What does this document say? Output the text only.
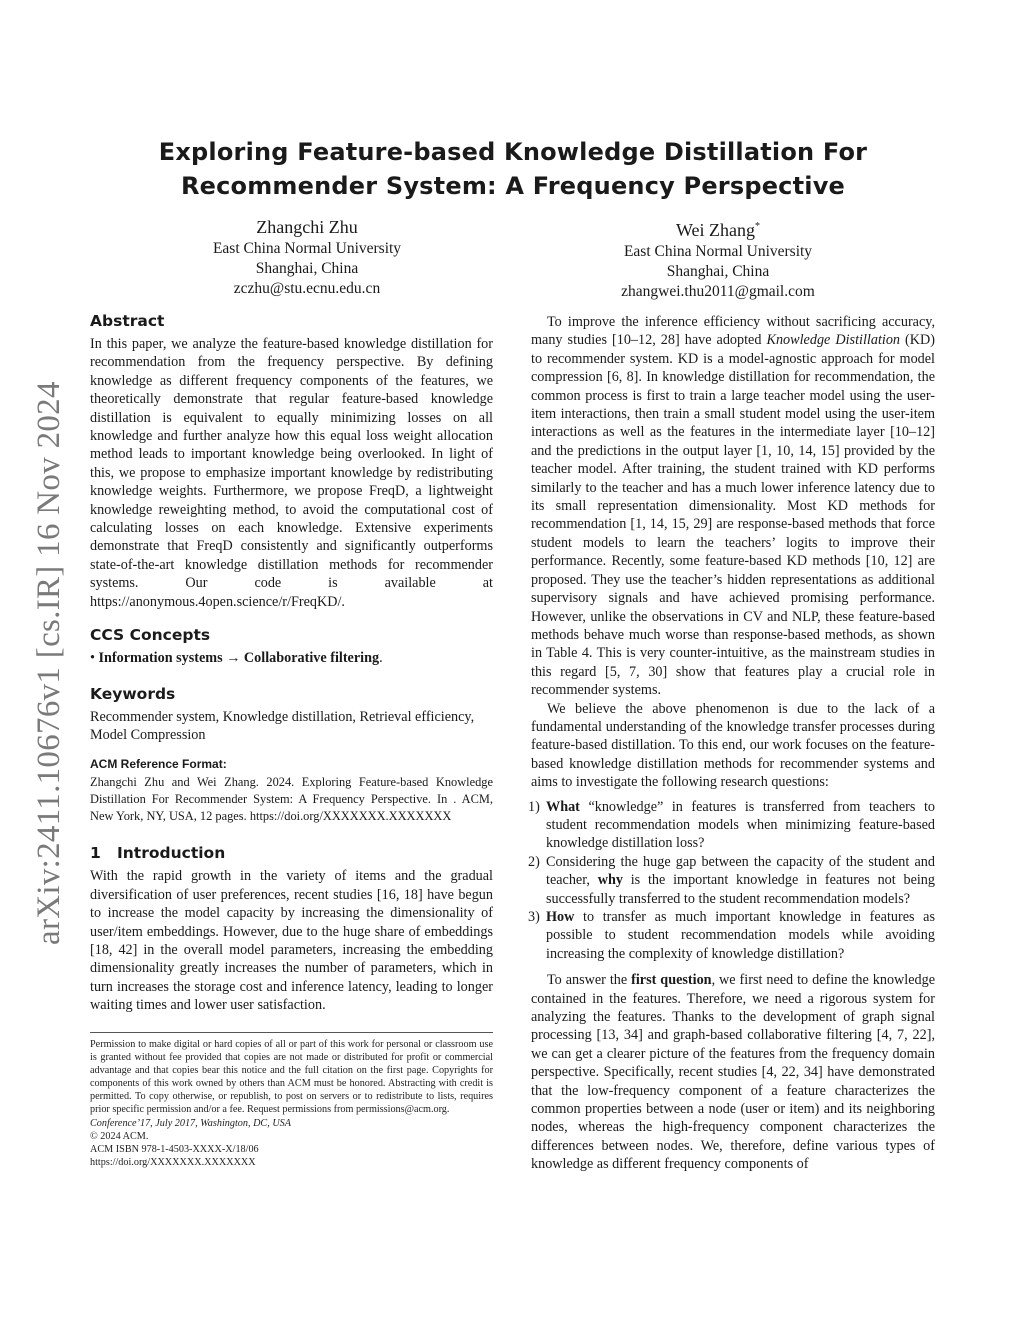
arXiv:2411.10676v1 [cs.IR] 16 Nov 2024
Exploring Feature-based Knowledge Distillation For
Recommender System: A Frequency Perspective
Zhangchi Zhu
East China Normal University
Shanghai, China
zczhu@stu.ecnu.edu.cn
Wei Zhang*
East China Normal University
Shanghai, China
zhangwei.thu2011@gmail.com
Abstract

In this paper, we analyze the feature-based knowledge distillation for recommendation from the frequency perspective. By defining knowledge as different frequency components of the features, we theoretically demonstrate that regular feature-based knowledge distillation is equivalent to equally minimizing losses on all knowledge and further analyze how this equal loss weight allocation method leads to important knowledge being overlooked. In light of this, we propose to emphasize important knowledge by redistributing knowledge weights. Furthermore, we propose FreqD, a lightweight knowledge reweighting method, to avoid the computational cost of calculating losses on each knowledge. Extensive experiments demonstrate that FreqD consistently and significantly outperforms state-of-the-art knowledge distillation methods for recommender systems. Our code is available at https://anonymous.4open.science/r/FreqKD/.

CCS Concepts

• Information systems → Collaborative filtering.

Keywords

Recommender system, Knowledge distillation, Retrieval efficiency, Model Compression

ACM Reference Format:

Zhangchi Zhu and Wei Zhang. 2024. Exploring Feature-based Knowledge Distillation For Recommender System: A Frequency Perspective. In . ACM, New York, NY, USA, 12 pages. https://doi.org/XXXXXXX.XXXXXXX

1 Introduction

With the rapid growth in the variety of items and the gradual diversification of user preferences, recent studies [16, 18] have begun to increase the model capacity by increasing the dimensionality of user/item embeddings. However, due to the huge share of embeddings [18, 42] in the overall model parameters, increasing the embedding dimensionality greatly increases the number of parameters, which in turn increases the storage cost and inference latency, leading to longer waiting times and lower user satisfaction.

Permission to make digital or hard copies of all or part of this work for personal or classroom use is granted without fee provided that copies are not made or distributed for profit or commercial advantage and that copies bear this notice and the full citation on the first page. Copyrights for components of this work owned by others than ACM must be honored. Abstracting with credit is permitted. To copy otherwise, or republish, to post on servers or to redistribute to lists, requires prior specific permission and/or a fee. Request permissions from permissions@acm.org.

Conference’17, July 2017, Washington, DC, USA

© 2024 ACM.

ACM ISBN 978-1-4503-XXXX-X/18/06

https://doi.org/XXXXXXX.XXXXXXX

To improve the inference efficiency without sacrificing accuracy, many studies [10–12, 28] have adopted Knowledge Distillation (KD) to recommender system. KD is a model-agnostic approach for model compression [6, 8]. In knowledge distillation for recommendation, the common process is first to train a large teacher model using the user-item interactions, then train a small student model using the user-item interactions as well as the features in the intermediate layer [10–12] and the predictions in the output layer [1, 10, 14, 15] provided by the teacher model. After training, the student trained with KD performs similarly to the teacher and has a much lower inference latency due to its small representation dimensionality. Most KD methods for recommendation [1, 14, 15, 29] are response-based methods that force student models to learn the teachers’ logits to improve their performance. Recently, some feature-based KD methods [10, 12] are proposed. They use the teacher’s hidden representations as additional supervisory signals and have achieved promising performance. However, unlike the observations in CV and NLP, these feature-based methods behave much worse than response-based methods, as shown in Table 4. This is very counter-intuitive, as the mainstream studies in this regard [5, 7, 30] show that features play a crucial role in recommender systems.

We believe the above phenomenon is due to the lack of a fundamental understanding of the knowledge transfer processes during feature-based distillation. To this end, our work focuses on the feature-based knowledge distillation methods for recommender systems and aims to investigate the following research questions:

1) What “knowledge” in features is transferred from teachers to student recommendation models when minimizing feature-based knowledge distillation loss?
2) Considering the huge gap between the capacity of the student and teacher, why is the important knowledge in features not being successfully transferred to the student recommendation models?
3) How to transfer as much important knowledge in features as possible to student recommendation models while avoiding increasing the complexity of knowledge distillation?

To answer the first question, we first need to define the knowledge contained in the features. Therefore, we need a rigorous system for analyzing the features. Thanks to the development of graph signal processing [13, 34] and graph-based collaborative filtering [4, 7, 22], we can get a clearer picture of the features from the frequency domain perspective. Specifically, recent studies [4, 22, 34] have demonstrated that the low-frequency component of a feature characterizes the common properties between a node (user or item) and its neighboring nodes, whereas the high-frequency component characterizes the differences between nodes. We, therefore, define various types of knowledge as different frequency components of
